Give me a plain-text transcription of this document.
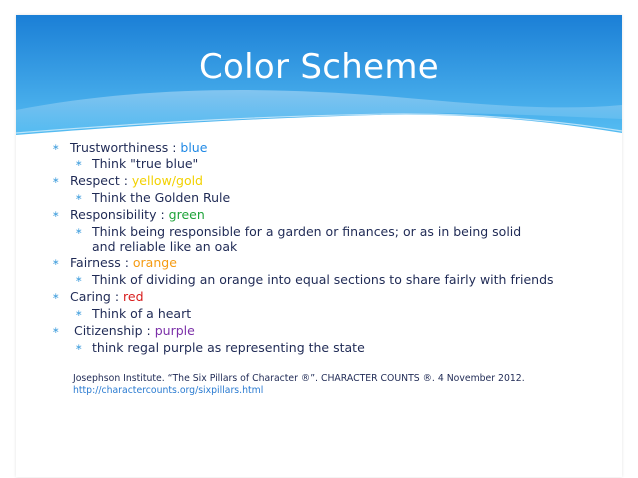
Color Scheme
∗ Trustworthiness : blue
∗ Think "true blue"
∗ Respect : yellow/gold
∗ Think the Golden Rule
∗ Responsibility : green
∗ Think being responsible for a garden or finances; or as in being solid and reliable like an oak
∗ Fairness : orange
∗ Think of dividing an orange into equal sections to share fairly with friends
∗ Caring : red
∗ Think of a heart
∗ Citizenship : purple
∗ think regal purple as representing the state
Josephson Institute. “The Six Pillars of Character ®”. CHARACTER COUNTS ®. 4 November 2012.
http://charactercounts.org/sixpillars.html
